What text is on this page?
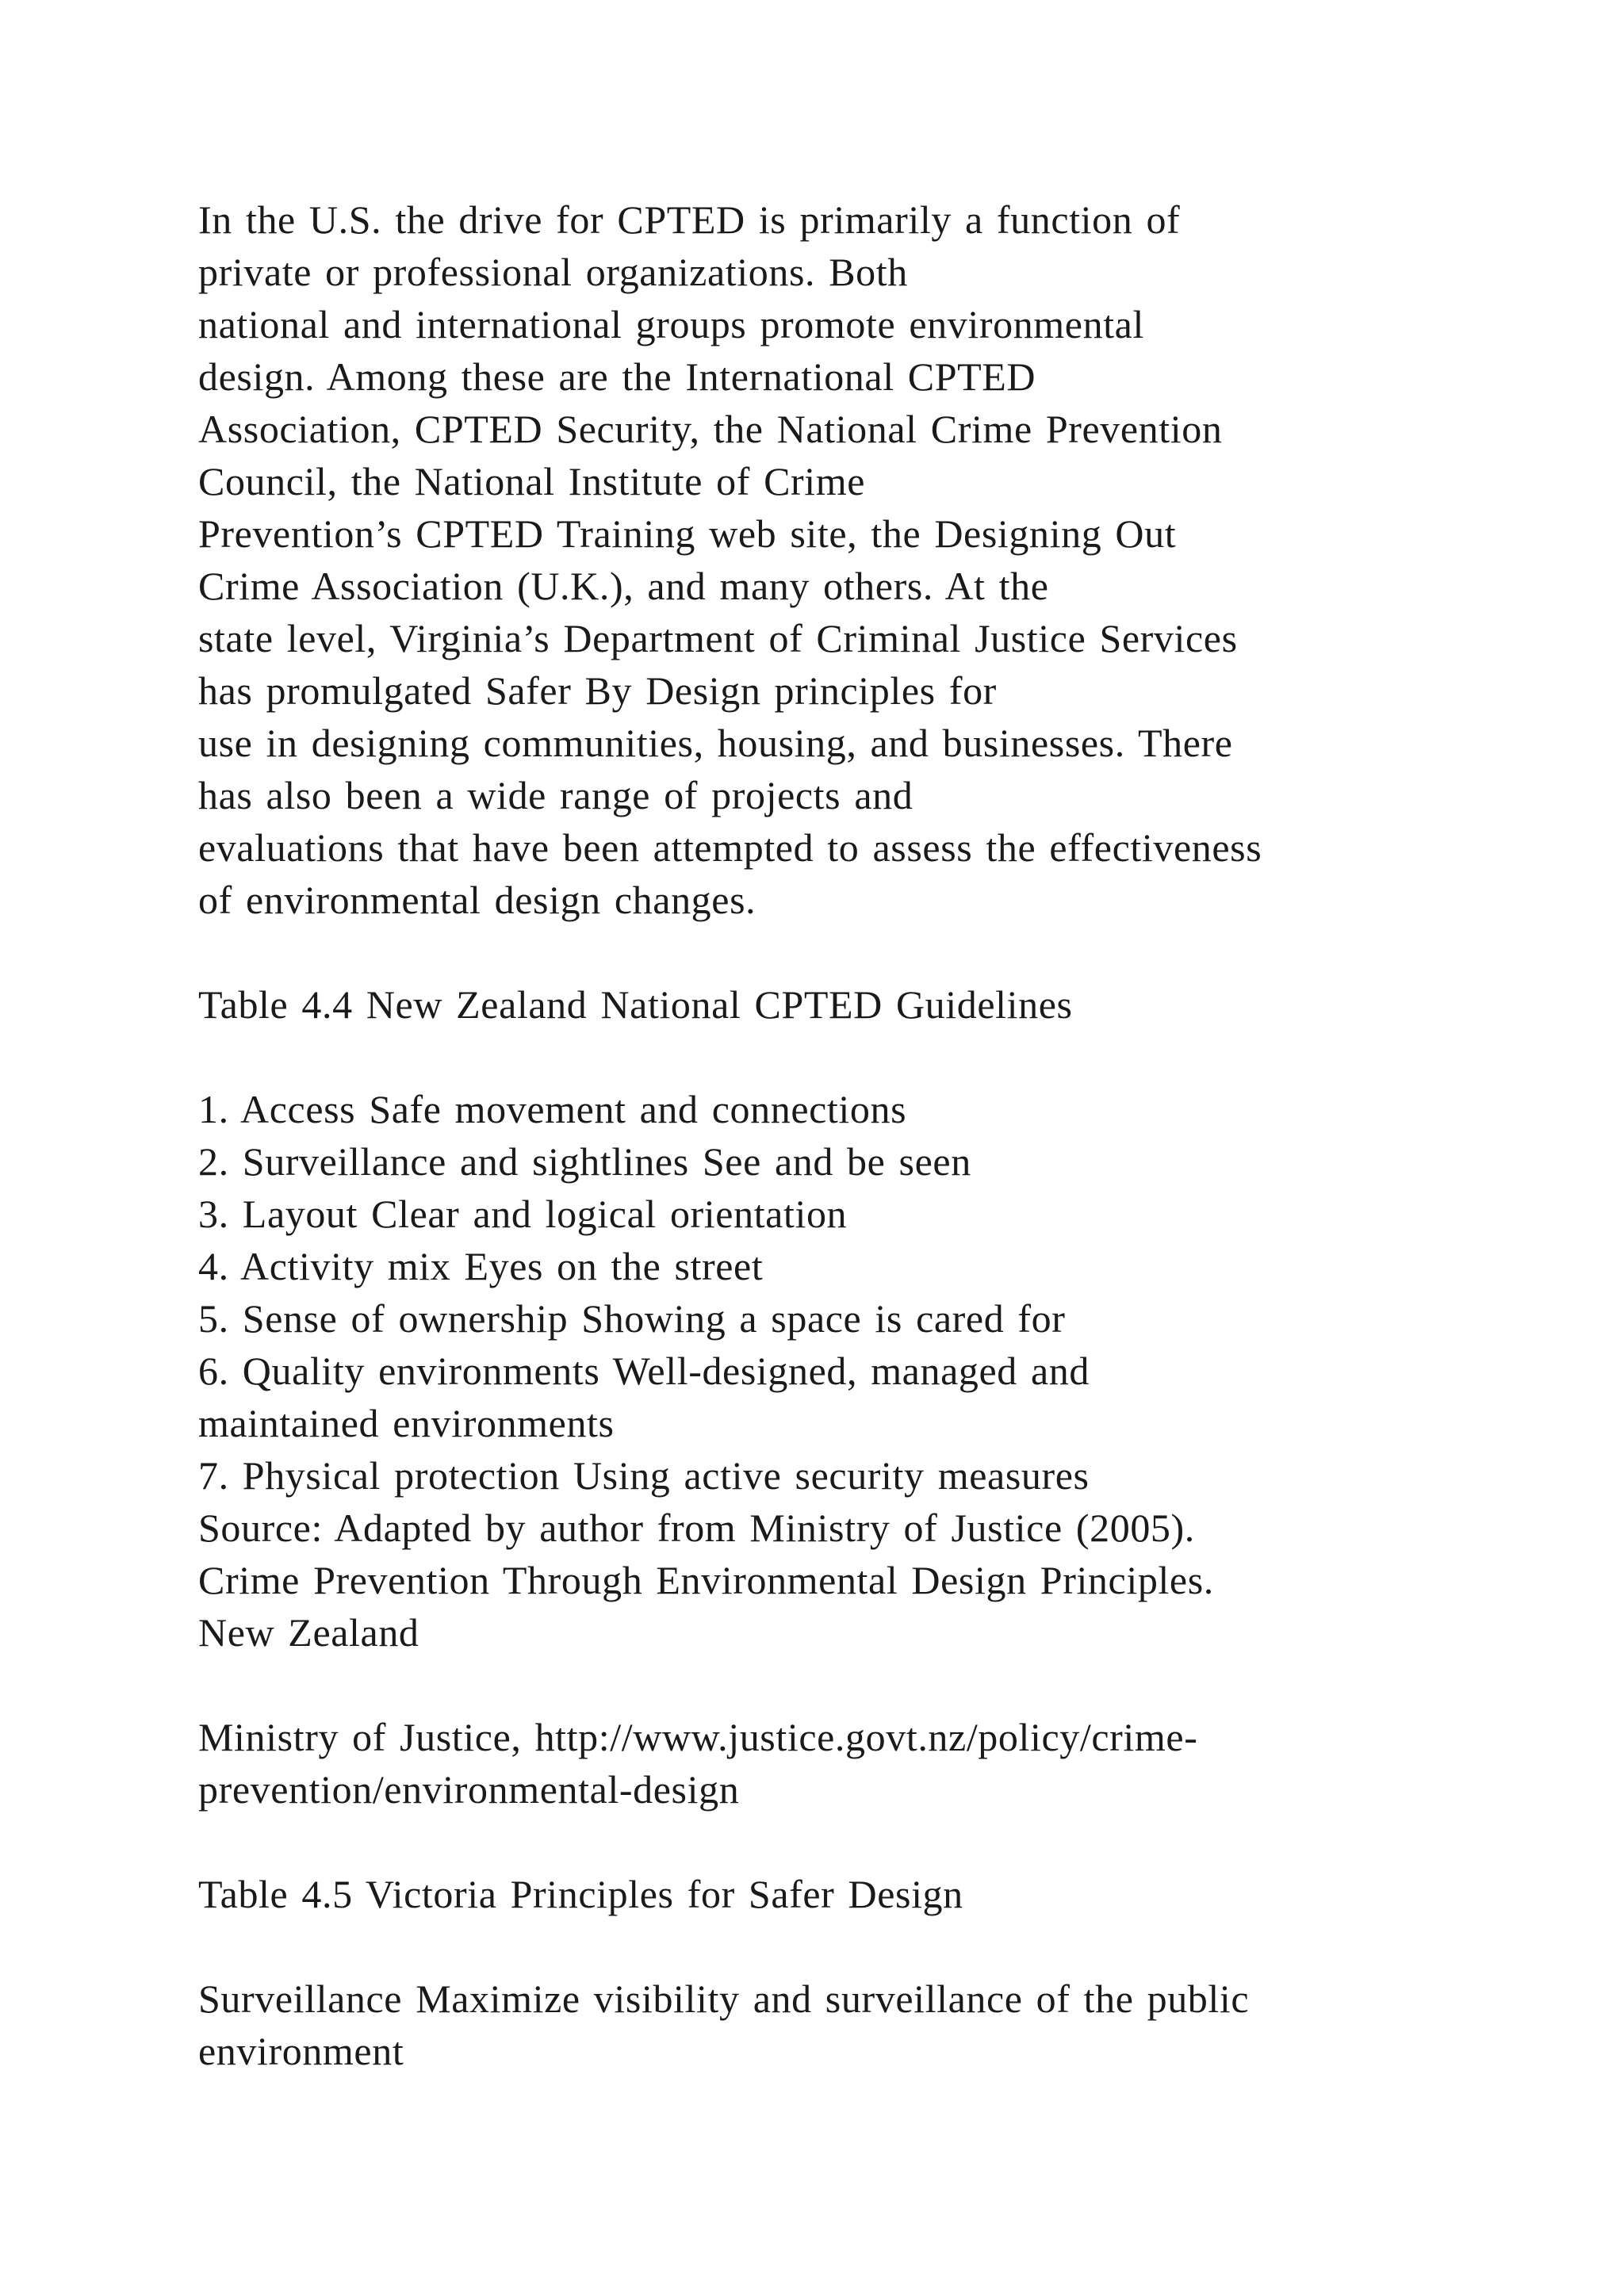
In the U.S. the drive for CPTED is primarily a function of
private or professional organizations. Both
national and international groups promote environmental
design. Among these are the International CPTED
Association, CPTED Security, the National Crime Prevention
Council, the National Institute of Crime
Prevention’s CPTED Training web site, the Designing Out
Crime Association (U.K.), and many others. At the
state level, Virginia’s Department of Criminal Justice Services
has promulgated Safer By Design principles for
use in designing communities, housing, and businesses. There
has also been a wide range of projects and
evaluations that have been attempted to assess the effectiveness
of environmental design changes.
Table 4.4 New Zealand National CPTED Guidelines
1. Access Safe movement and connections
2. Surveillance and sightlines See and be seen
3. Layout Clear and logical orientation
4. Activity mix Eyes on the street
5. Sense of ownership Showing a space is cared for
6. Quality environments Well-designed, managed and
maintained environments
7. Physical protection Using active security measures
Source: Adapted by author from Ministry of Justice (2005).
Crime Prevention Through Environmental Design Principles.
New Zealand
Ministry of Justice, http://www.justice.govt.nz/policy/crime-
prevention/environmental-design
Table 4.5 Victoria Principles for Safer Design
Surveillance Maximize visibility and surveillance of the public
environment
